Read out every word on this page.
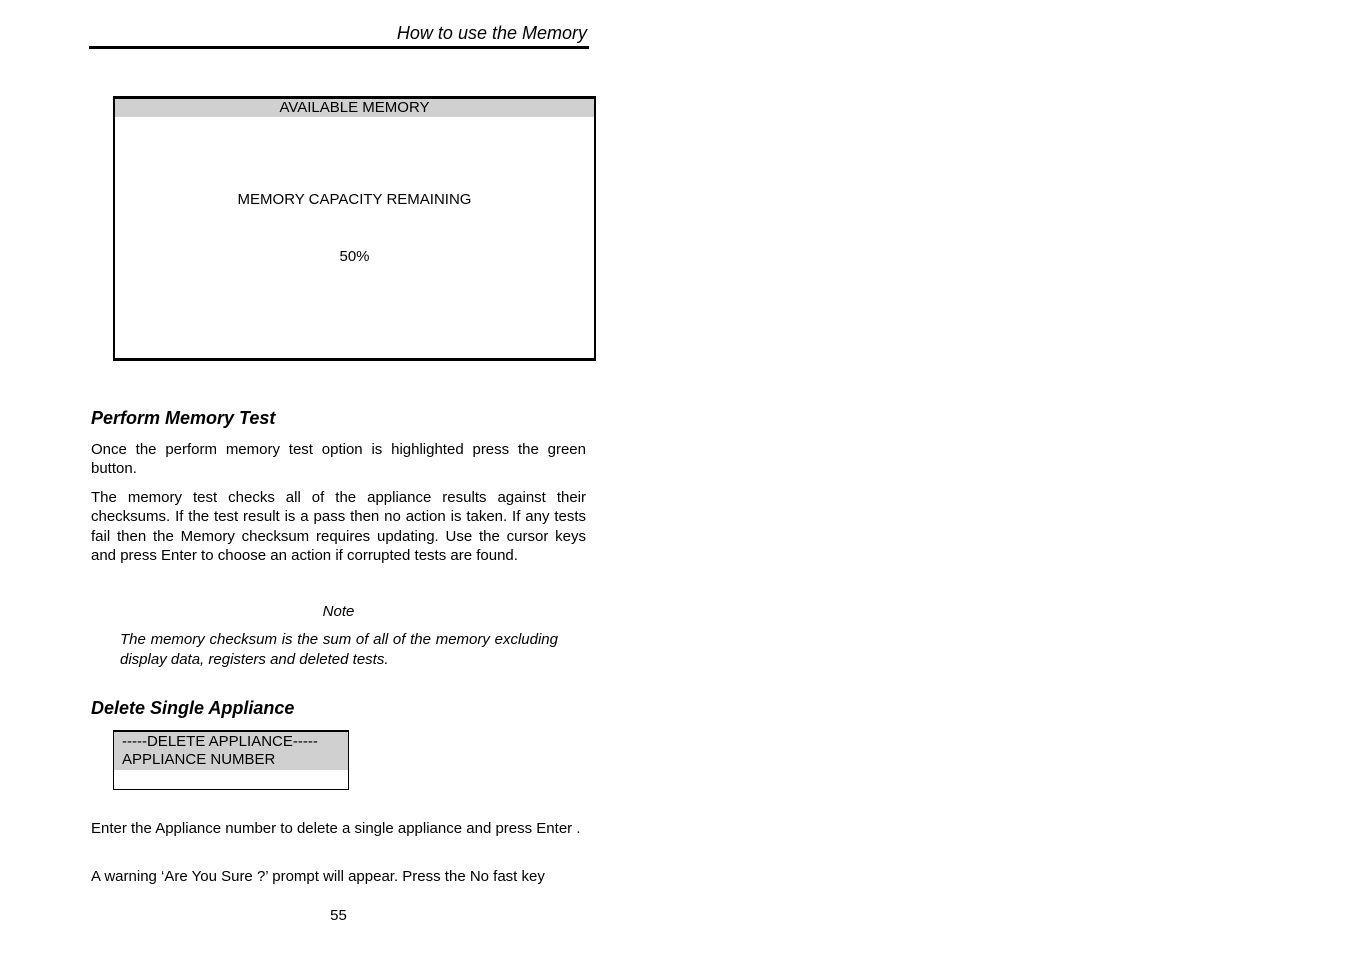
How to use the Memory
AVAILABLE MEMORY
MEMORY CAPACITY REMAINING
50%
Perform Memory Test

Once the perform memory test option is highlighted press the green button.

The memory test checks all of the appliance results against their checksums. If the test result is a pass then no action is taken. If any tests fail then the Memory checksum requires updating. Use the cursor keys and press Enter to choose an action if corrupted tests are found.

Note

The memory checksum is the sum of all of the memory excluding display data, registers and deleted tests.

Delete Single Appliance
-----DELETE APPLIANCE-----
APPLIANCE NUMBER

Enter the Appliance number to delete a single appliance and press Enter .

A warning ‘Are You Sure ?’ prompt will appear. Press the No fast key

55
